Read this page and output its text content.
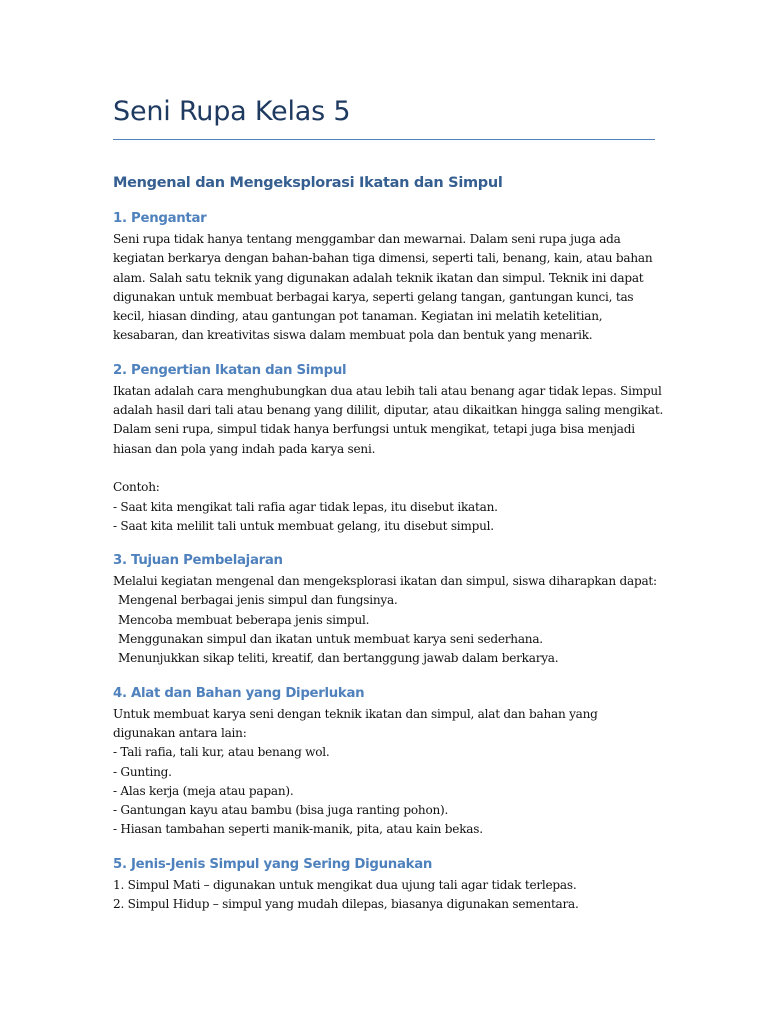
Seni Rupa Kelas 5
Mengenal dan Mengeksplorasi Ikatan dan Simpul
1. Pengantar

Seni rupa tidak hanya tentang menggambar dan mewarnai. Dalam seni rupa juga ada
kegiatan berkarya dengan bahan-bahan tiga dimensi, seperti tali, benang, kain, atau bahan
alam. Salah satu teknik yang digunakan adalah teknik ikatan dan simpul. Teknik ini dapat
digunakan untuk membuat berbagai karya, seperti gelang tangan, gantungan kunci, tas
kecil, hiasan dinding, atau gantungan pot tanaman. Kegiatan ini melatih ketelitian,
kesabaran, dan kreativitas siswa dalam membuat pola dan bentuk yang menarik.

2. Pengertian Ikatan dan Simpul

Ikatan adalah cara menghubungkan dua atau lebih tali atau benang agar tidak lepas. Simpul
adalah hasil dari tali atau benang yang dililit, diputar, atau dikaitkan hingga saling mengikat.
Dalam seni rupa, simpul tidak hanya berfungsi untuk mengikat, tetapi juga bisa menjadi
hiasan dan pola yang indah pada karya seni.

Contoh:
- Saat kita mengikat tali rafia agar tidak lepas, itu disebut ikatan.
- Saat kita melilit tali untuk membuat gelang, itu disebut simpul.

3. Tujuan Pembelajaran

Melalui kegiatan mengenal dan mengeksplorasi ikatan dan simpul, siswa diharapkan dapat:

Mengenal berbagai jenis simpul dan fungsinya.
Mencoba membuat beberapa jenis simpul.
Menggunakan simpul dan ikatan untuk membuat karya seni sederhana.
Menunjukkan sikap teliti, kreatif, dan bertanggung jawab dalam berkarya.
4. Alat dan Bahan yang Diperlukan

Untuk membuat karya seni dengan teknik ikatan dan simpul, alat dan bahan yang
digunakan antara lain:

- Tali rafia, tali kur, atau benang wol.
- Gunting.
- Alas kerja (meja atau papan).
- Gantungan kayu atau bambu (bisa juga ranting pohon).
- Hiasan tambahan seperti manik-manik, pita, atau kain bekas.
5. Jenis-Jenis Simpul yang Sering Digunakan
1. Simpul Mati – digunakan untuk mengikat dua ujung tali agar tidak terlepas.
2. Simpul Hidup – simpul yang mudah dilepas, biasanya digunakan sementara.
